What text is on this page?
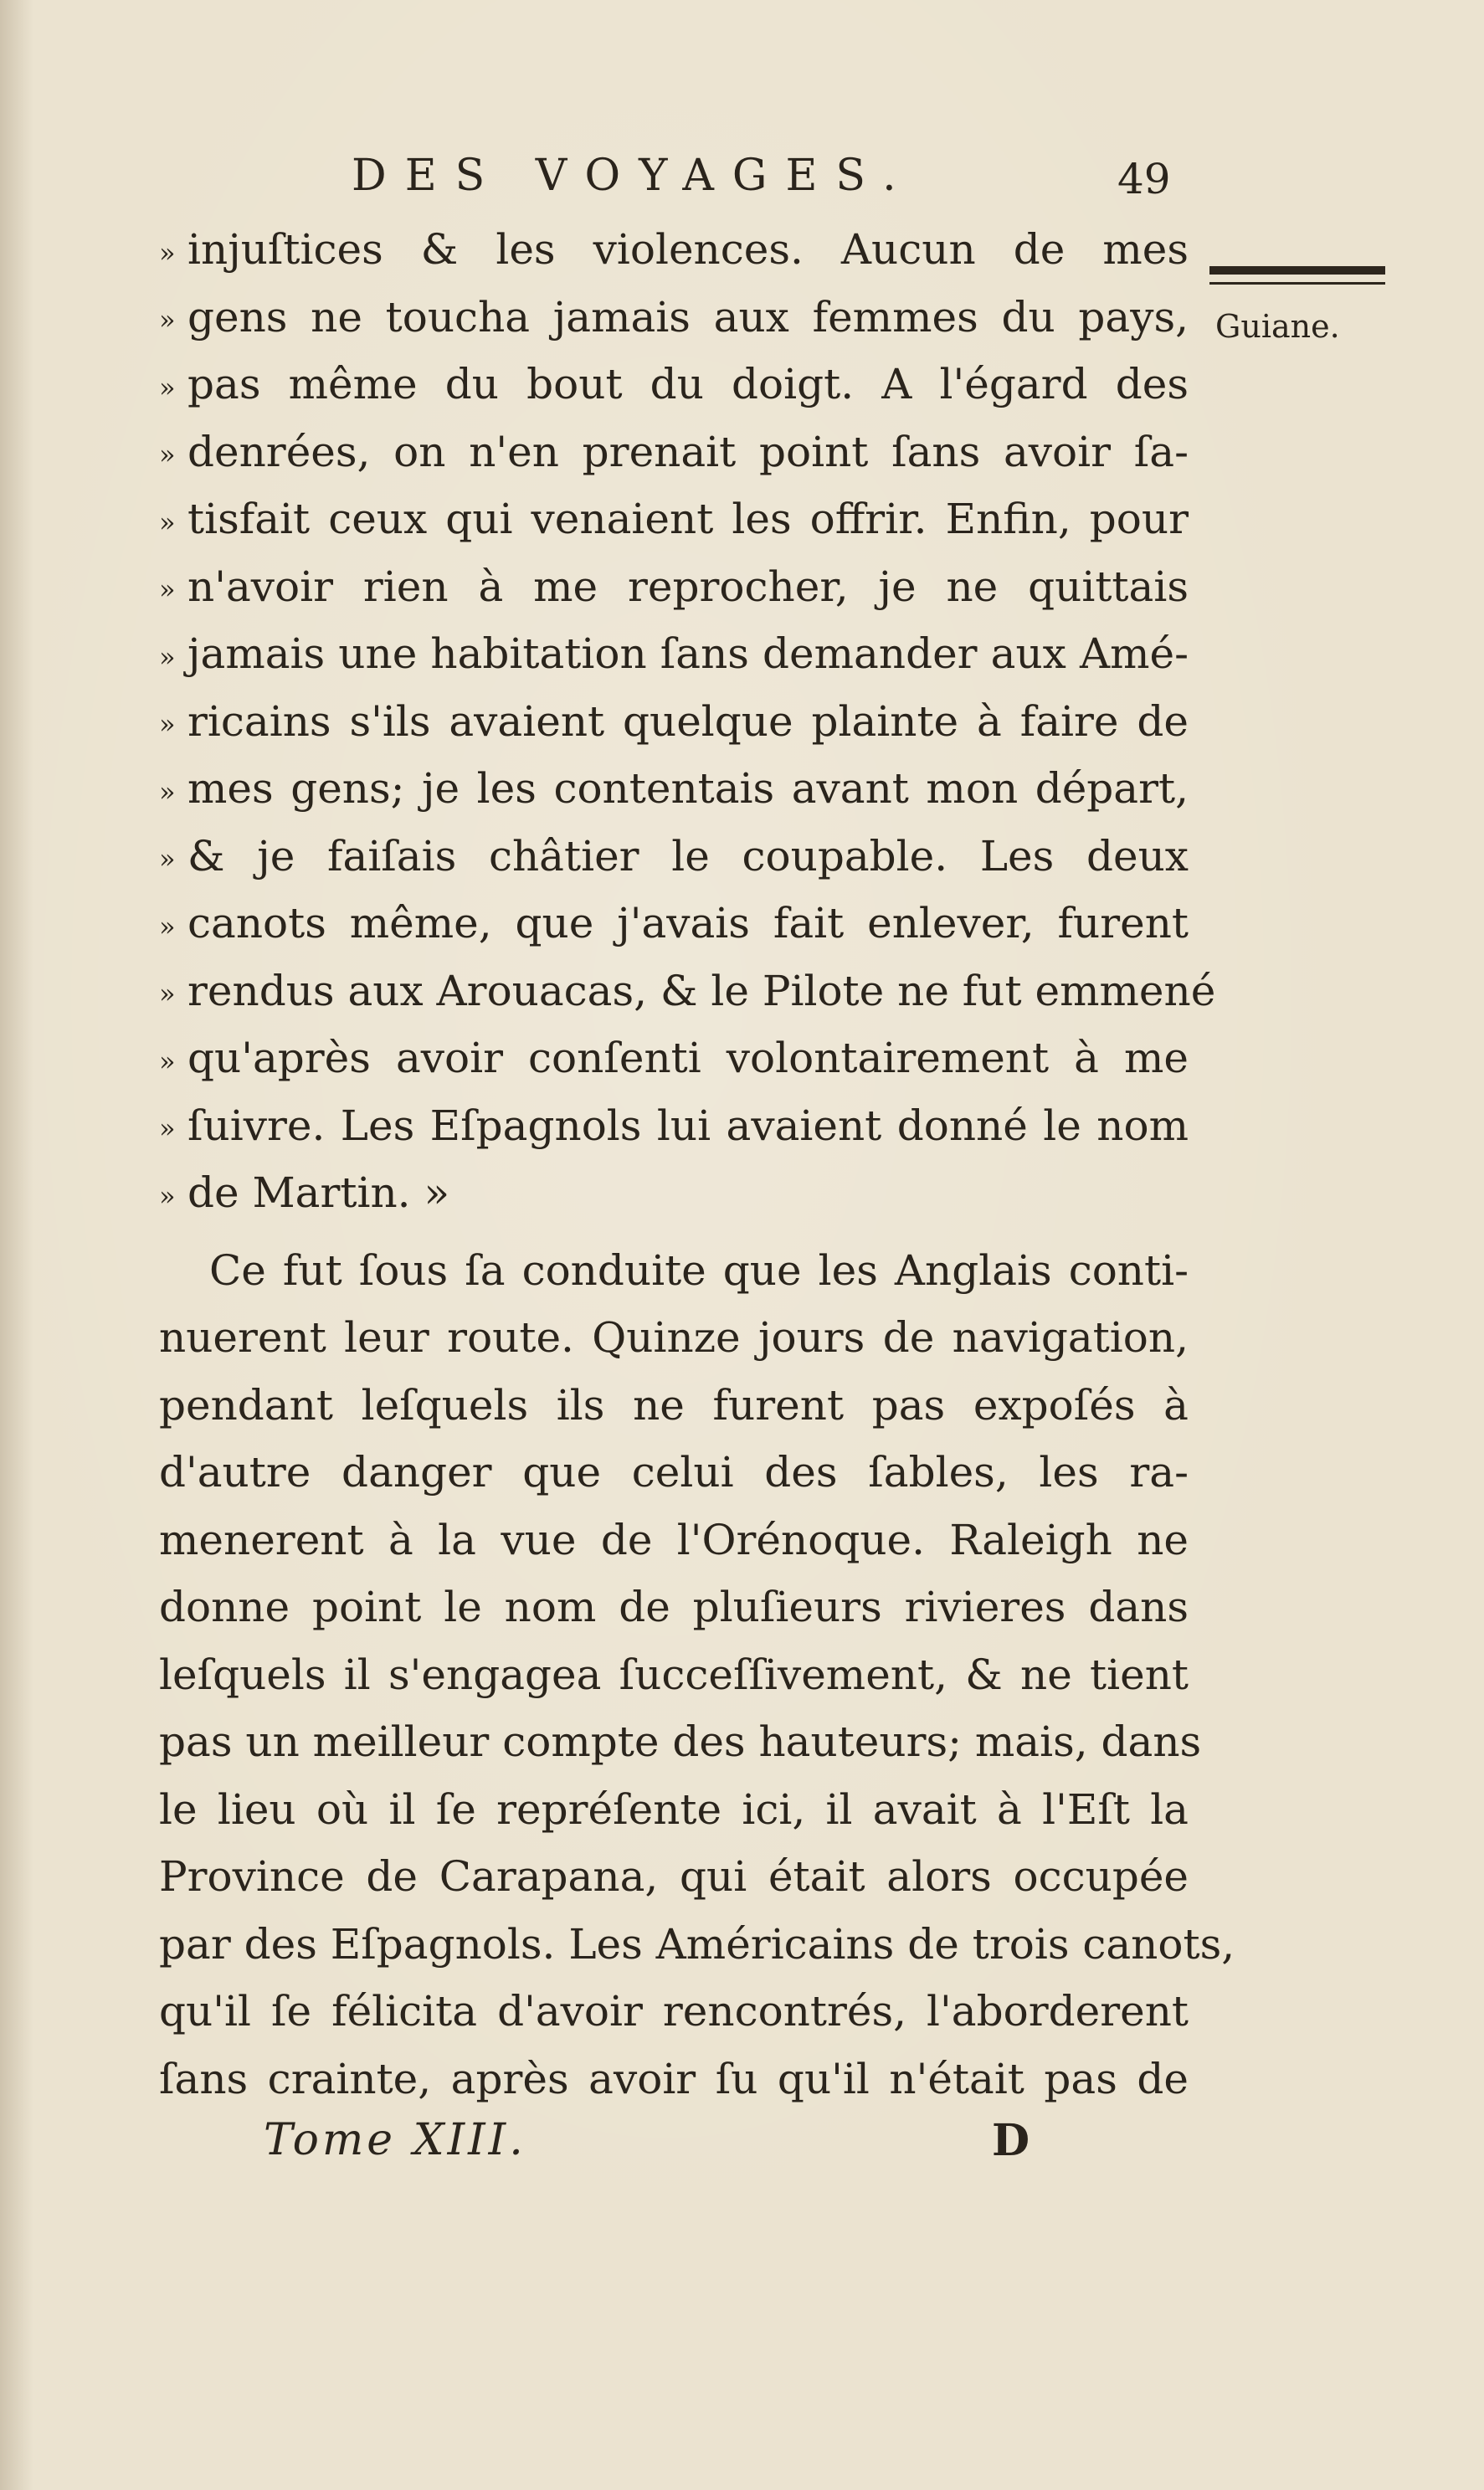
DES VOYAGES.	49
Guiane.
» injuſtices & les violences. Aucun de mes
» gens ne toucha jamais aux femmes du pays,
» pas même du bout du doigt. A l'égard des
» denrées, on n'en prenait point ſans avoir ſa-
» tisfait ceux qui venaient les offrir. Enfin, pour
» n'avoir rien à me reprocher, je ne quittais
» jamais une habitation ſans demander aux Amé-
» ricains s'ils avaient quelque plainte à faire de
» mes gens; je les contentais avant mon départ,
» & je faiſais châtier le coupable. Les deux
» canots même, que j'avais fait enlever, furent
» rendus aux Arouacas, & le Pilote ne fut emmené
» qu'après avoir conſenti volontairement à me
» ſuivre. Les Eſpagnols lui avaient donné le nom
» de Martin. »
Ce fut ſous ſa conduite que les Anglais conti-
nuerent leur route. Quinze jours de navigation,
pendant leſquels ils ne furent pas expoſés à
d'autre danger que celui des ſables, les ra-
menerent à la vue de l'Orénoque. Raleigh ne
donne point le nom de pluſieurs rivieres dans
leſquels il s'engagea ſucceſſivement, & ne tient
pas un meilleur compte des hauteurs; mais, dans
le lieu où il ſe repréſente ici, il avait à l'Eſt la
Province de Carapana, qui était alors occupée
par des Eſpagnols. Les Américains de trois canots,
qu'il ſe félicita d'avoir rencontrés, l'aborderent
ſans crainte, après avoir ſu qu'il n'était pas de
Tome XIII.	D
